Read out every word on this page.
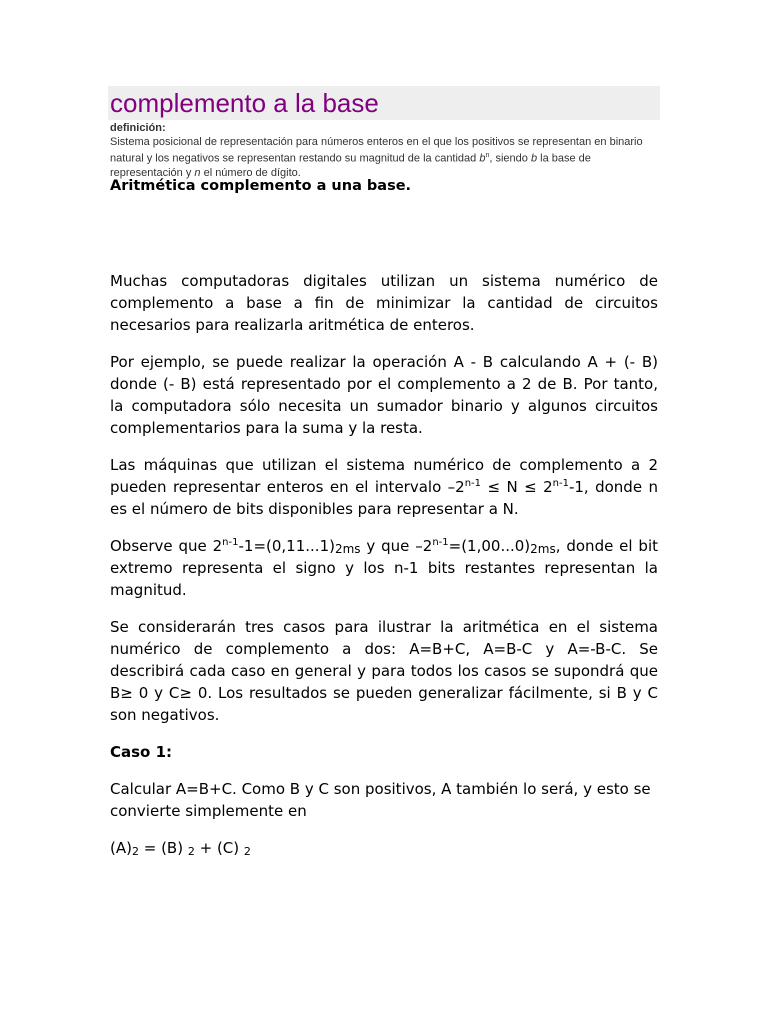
complemento a la base
definición:

Sistema posicional de representación para números enteros en el que los positivos se representan en binario natural y los negativos se representan restando su magnitud de la cantidad $b^n$, siendo b la base de representación y n el número de dígito.

Aritmética complemento a una base.

Muchas computadoras digitales utilizan un sistema numérico de complemento a base a fin de minimizar la cantidad de circuitos necesarios para realizarla aritmética de enteros.

Por ejemplo, se puede realizar la operación A - B calculando A + (- B) donde (- B) está representado por el complemento a 2 de B. Por tanto, la computadora sólo necesita un sumador binario y algunos circuitos complementarios para la suma y la resta.

Las máquinas que utilizan el sistema numérico de complemento a 2 pueden representar enteros en el intervalo $-2^{n-1} \le N \le 2^{n-1}-1$, donde n es el número de bits disponibles para representar a N.

Observe que $2^{n-1}-1=(0,11...1)_{2ms}$ y que $-2^{n-1}=(1,00...0)_{2ms}$, donde el bit extremo representa el signo y los n-1 bits restantes representan la magnitud.

Se considerarán tres casos para ilustrar la aritmética en el sistema numérico de complemento a dos: A=B+C, A=B-C y A=-B-C. Se describirá cada caso en general y para todos los casos se supondrá que B≥ 0 y C≥ 0. Los resultados se pueden generalizar fácilmente, si B y C son negativos.

Caso 1:

Calcular A=B+C. Como B y C son positivos, A también lo será, y esto se convierte simplemente en

$(A)_2 = (B) _2 + (C)$ $_2$
